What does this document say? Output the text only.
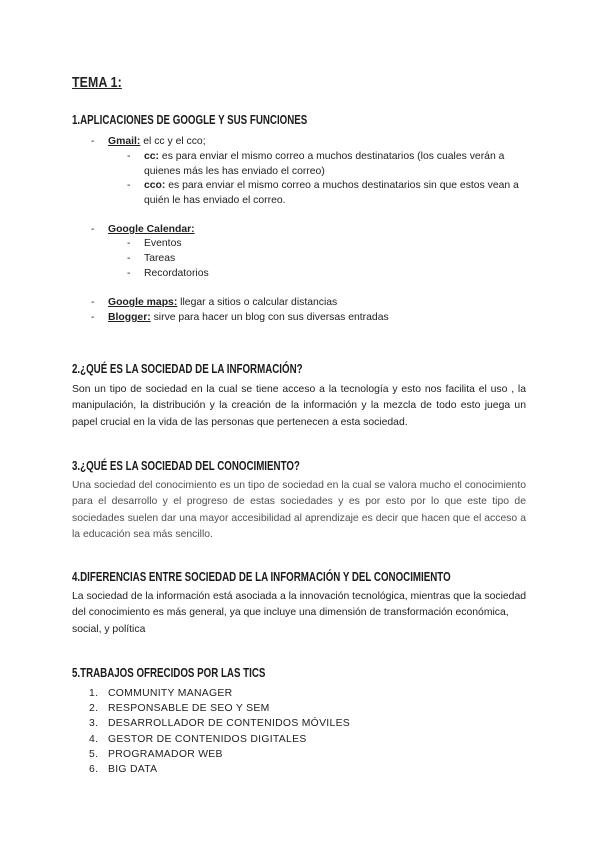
TEMA 1:
1.APLICACIONES DE GOOGLE Y SUS FUNCIONES
- Gmail: el cc y el cco;
- cc: es para enviar el mismo correo a muchos destinatarios (los cuales verán a quienes más les has enviado el correo)
- cco: es para enviar el mismo correo a muchos destinatarios sin que estos vean a quién le has enviado el correo.
- Google Calendar:
- Eventos
- Tareas
- Recordatorios
- Google maps: llegar a sitios o calcular distancias
- Blogger: sirve para hacer un blog con sus diversas entradas
2.¿QUÉ ES LA SOCIEDAD DE LA INFORMACIÓN?

Son un tipo de sociedad en la cual se tiene acceso a la tecnología y esto nos facilita el uso , la manipulación, la distribución y la creación de la información y la mezcla de todo esto juega un papel crucial en la vida de las personas que pertenecen a esta sociedad.

3.¿QUÉ ES LA SOCIEDAD DEL CONOCIMIENTO?

Una sociedad del conocimiento es un tipo de sociedad en la cual se valora mucho el conocimiento para el desarrollo y el progreso de estas sociedades y es por esto por lo que este tipo de sociedades suelen dar una mayor accesibilidad al aprendizaje es decir que hacen que el acceso a la educación sea más sencillo.

4.DIFERENCIAS ENTRE SOCIEDAD DE LA INFORMACIÓN Y DEL CONOCIMIENTO

La sociedad de la información está asociada a la innovación tecnológica, mientras que la sociedad del conocimiento es más general, ya que incluye una dimensión de transformación económica, social, y política

5.TRABAJOS OFRECIDOS POR LAS TICS
1. COMMUNITY MANAGER
2. RESPONSABLE DE SEO Y SEM
3. DESARROLLADOR DE CONTENIDOS MÓVILES
4. GESTOR DE CONTENIDOS DIGITALES
5. PROGRAMADOR WEB
6. BIG DATA
